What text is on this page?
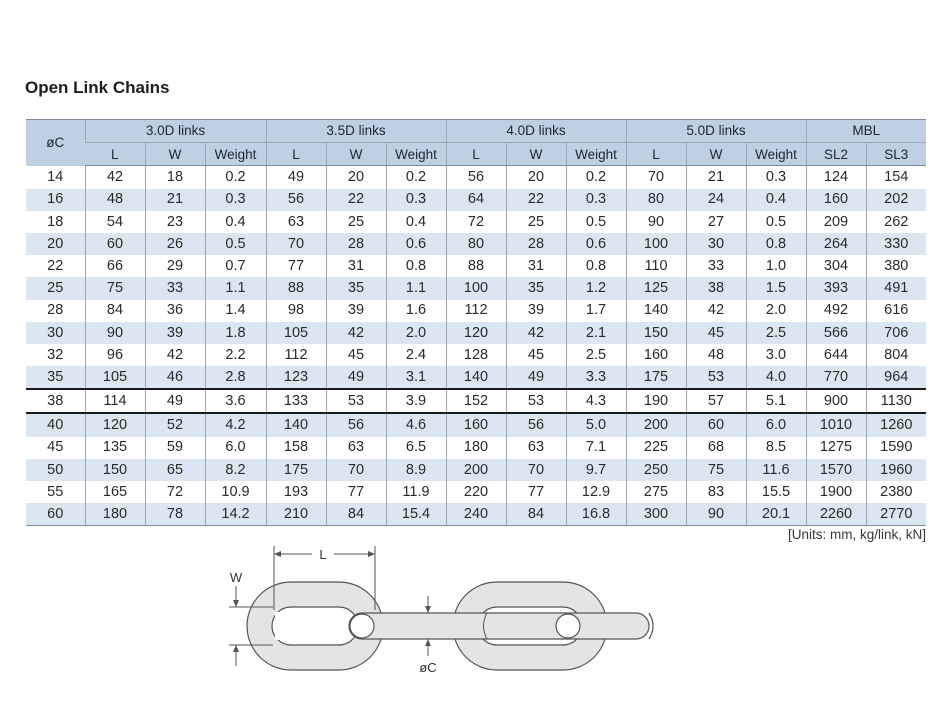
Open Link Chains
øC	3.0D links			3.5D links			4.0D links			5.0D links			MBL	
	L	W	Weight	L	W	Weight	L	W	Weight	L	W	Weight	SL2	SL3
14	42	18	0.2	49	20	0.2	56	20	0.2	70	21	0.3	124	154
16	48	21	0.3	56	22	0.3	64	22	0.3	80	24	0.4	160	202
18	54	23	0.4	63	25	0.4	72	25	0.5	90	27	0.5	209	262
20	60	26	0.5	70	28	0.6	80	28	0.6	100	30	0.8	264	330
22	66	29	0.7	77	31	0.8	88	31	0.8	110	33	1.0	304	380
25	75	33	1.1	88	35	1.1	100	35	1.2	125	38	1.5	393	491
28	84	36	1.4	98	39	1.6	112	39	1.7	140	42	2.0	492	616
30	90	39	1.8	105	42	2.0	120	42	2.1	150	45	2.5	566	706
32	96	42	2.2	112	45	2.4	128	45	2.5	160	48	3.0	644	804
35	105	46	2.8	123	49	3.1	140	49	3.3	175	53	4.0	770	964
38	114	49	3.6	133	53	3.9	152	53	4.3	190	57	5.1	900	1130
40	120	52	4.2	140	56	4.6	160	56	5.0	200	60	6.0	1010	1260
45	135	59	6.0	158	63	6.5	180	63	7.1	225	68	8.5	1275	1590
50	150	65	8.2	175	70	8.9	200	70	9.7	250	75	11.6	1570	1960
55	165	72	10.9	193	77	11.9	220	77	12.9	275	83	15.5	1900	2380
60	180	78	14.2	210	84	15.4	240	84	16.8	300	90	20.1	2260	2770
[Units: mm, kg/link, kN]
L
W
øC
